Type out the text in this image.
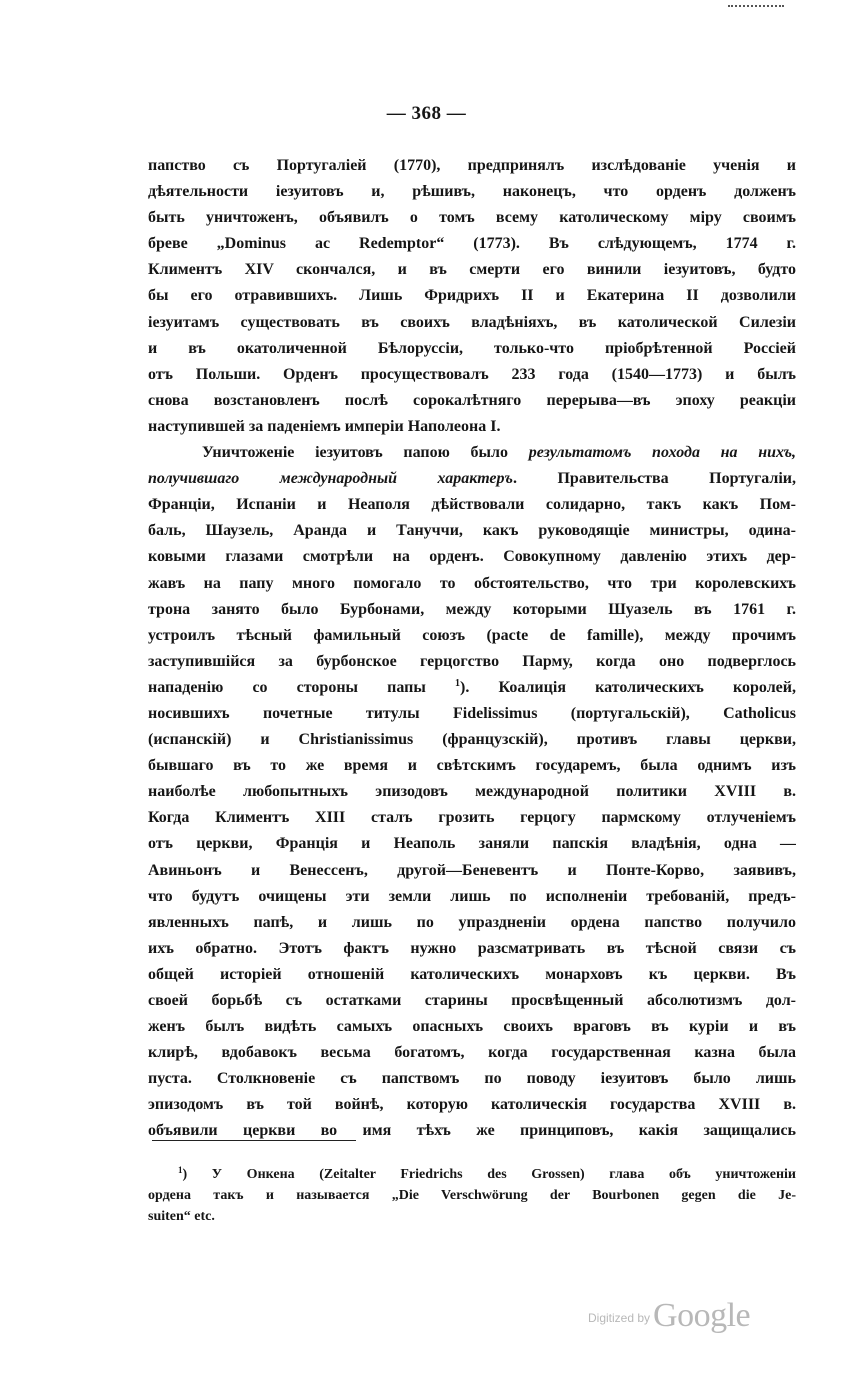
— 368 —
папство съ Португаліей (1770), предпринялъ изслѣдованіе ученія и
дѣятельности іезуитовъ и, рѣшивъ, наконецъ, что орденъ долженъ
быть уничтоженъ, объявилъ о томъ всему католическому міру своимъ
бреве „Dominus ac Redemptor“ (1773). Въ слѣдующемъ, 1774 г.
Климентъ XIV скончался, и въ смерти его винили іезуитовъ, будто
бы его отравившихъ. Лишь Фридрихъ II и Екатерина II дозволили
іезуитамъ существовать въ своихъ владѣніяхъ, въ католической Силезіи
и въ окатоличенной Бѣлоруссіи, только-что пріобрѣтенной Россіей
отъ Польши. Орденъ просуществовалъ 233 года (1540—1773) и былъ
снова возстановленъ послѣ сорокалѣтняго перерыва—въ эпоху реакціи
наступившей за паденіемъ имперіи Наполеона I.
Уничтоженіе іезуитовъ папою было результатомъ похода на нихъ,
получившаго международный характеръ. Правительства Португаліи,
Франціи, Испаніи и Неаполя дѣйствовали солидарно, такъ какъ Пом-
баль, Шаузель, Аранда и Тануччи, какъ руководящіе министры, одина-
ковыми глазами смотрѣли на орденъ. Совокупному давленію этихъ дер-
жавъ на папу много помогало то обстоятельство, что три королевскихъ
трона занято было Бурбонами, между которыми Шуазель въ 1761 г.
устроилъ тѣсный фамильный союзъ (pacte de famille), между прочимъ
заступившійся за бурбонское герцогство Парму, когда оно подверглось
нападенію со стороны папы	$^1$). Коалиція католическихъ королей,
носившихъ почетные титулы Fidelissimus (португальскій), Catholicus
(испанскій) и Christianissimus (французскій), противъ главы церкви,
бывшаго въ то же время и свѣтскимъ государемъ, была однимъ изъ
наиболѣе любопытныхъ эпизодовъ международной политики XVIII в.
Когда Климентъ XIII сталъ грозить герцогу пармскому отлученіемъ
отъ церкви, Франція и Неаполь заняли папскія владѣнія, одна —
Авиньонъ и Венессенъ, другой—Беневентъ и Понте-Корво, заявивъ,
что будутъ очищены эти земли лишь по исполненіи требованій, предъ-
явленныхъ папѣ, и лишь по упраздненіи ордена папство получило
ихъ обратно. Этотъ фактъ нужно разсматривать въ тѣсной связи съ
общей исторіей отношеній католическихъ монарховъ къ церкви. Въ
своей борьбѣ съ остатками старины просвѣщенный абсолютизмъ дол-
женъ былъ видѣть самыхъ опасныхъ своихъ враговъ въ куріи и въ
клирѣ, вдобавокъ весьма богатомъ, когда государственная казна была
пуста. Столкновеніе съ папствомъ по поводу іезуитовъ было лишь
эпизодомъ въ той войнѣ, которую католическія государства XVIII в.
объявили церкви во имя тѣхъ же принциповъ, какія защищались
$^1$) У Онкена (Zeitalter Friedrichs des Grossen) глава объ уничтоженіи
ордена такъ и называется „Die Verschwörung der Bourbonen gegen die Je-
suiten“ etc.
$^{Digitized by}$Google
